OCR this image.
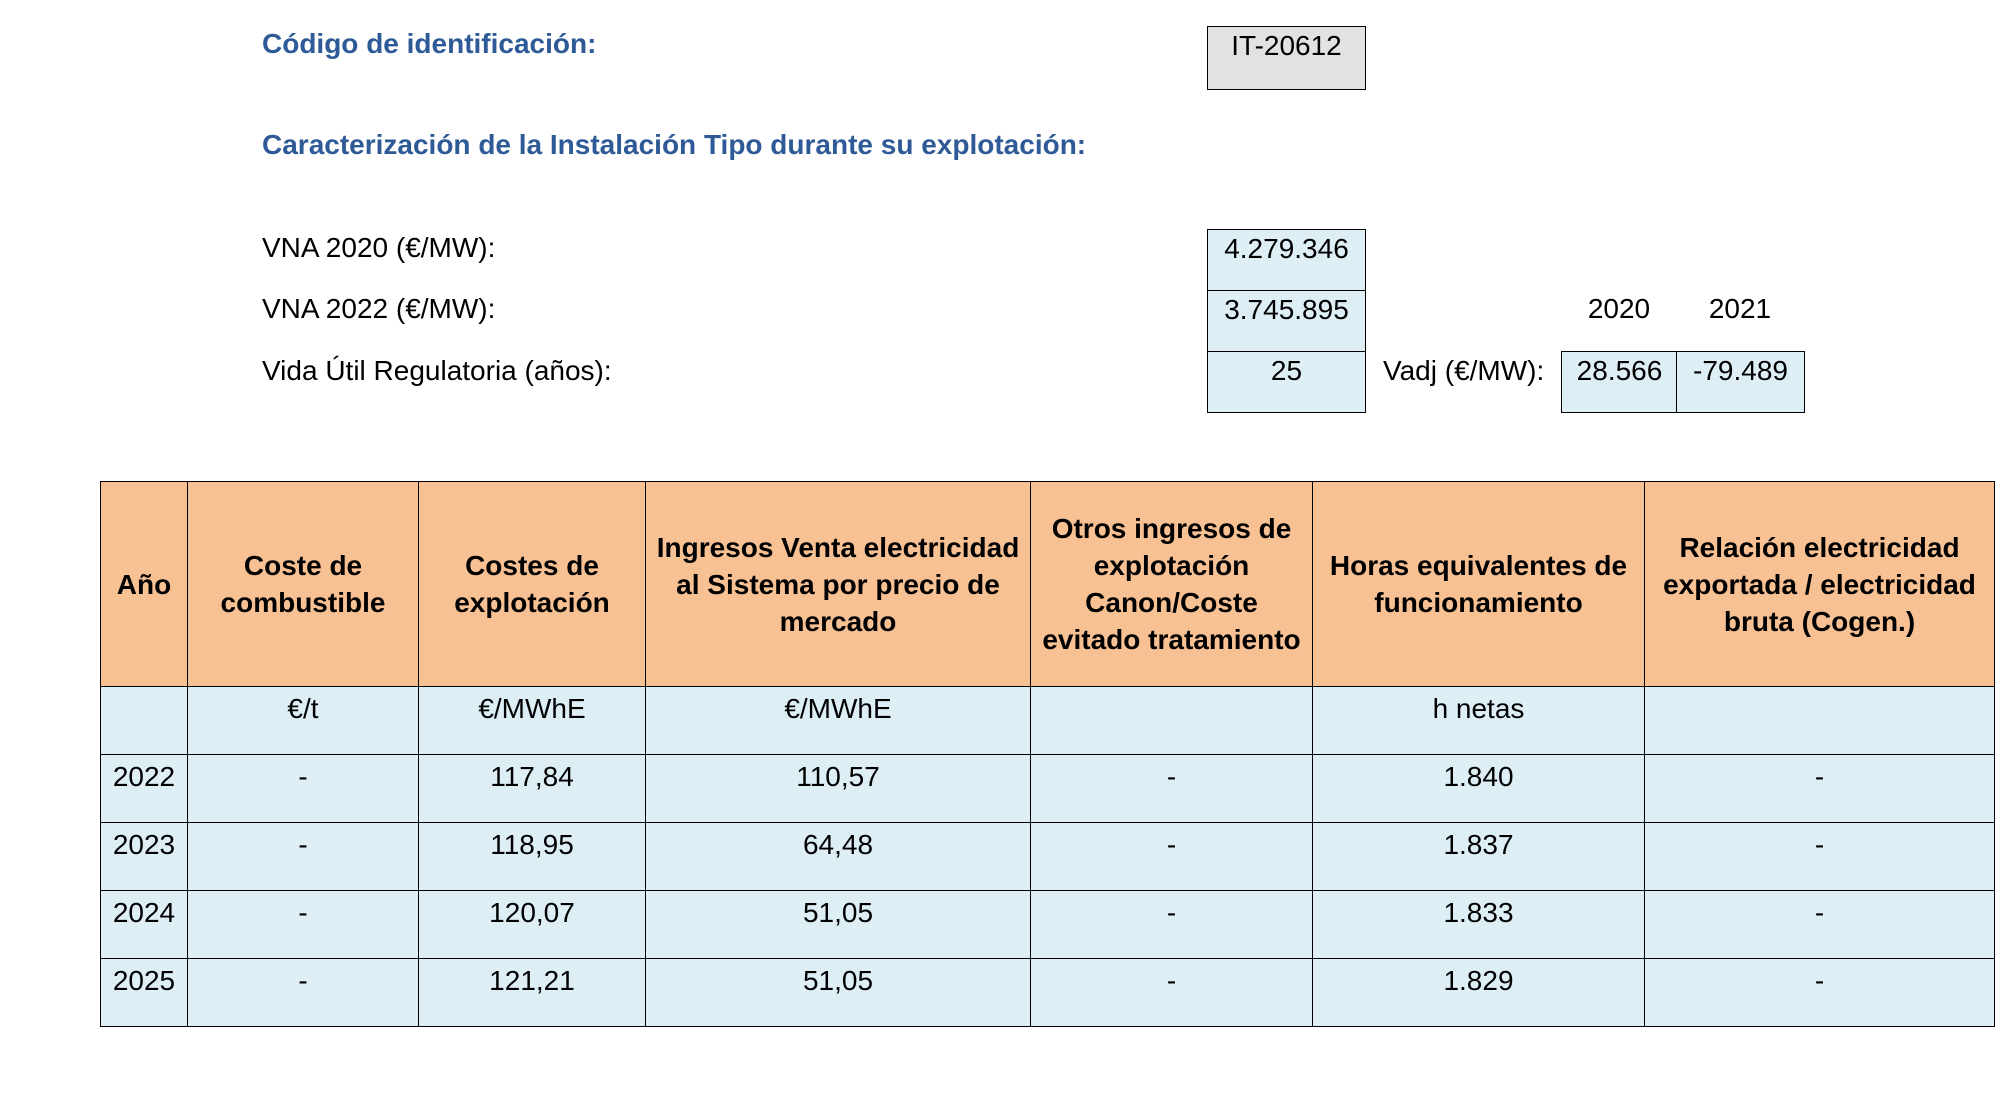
Código de identificación:	IT-20612
Caracterización de la Instalación Tipo durante su explotación:
VNA 2020 (€/MW):	4.279.346
VNA 2022 (€/MW):	3.745.895
Vida Útil Regulatoria (años):	25
2020	2021
Vadj (€/MW):	28.566	-79.489
Año	Coste de combustible	Costes de explotación	Ingresos Venta electricidad al Sistema por precio de mercado	Otros ingresos de explotación Canon/Coste evitado tratamiento	Horas equivalentes de funcionamiento	Relación electricidad exportada / electricidad bruta (Cogen.)
	€/t	€/MWhE	€/MWhE		h netas	
2022	-	117,84	110,57	-	1.840	-
2023	-	118,95	64,48	-	1.837	-
2024	-	120,07	51,05	-	1.833	-
2025	-	121,21	51,05	-	1.829	-
